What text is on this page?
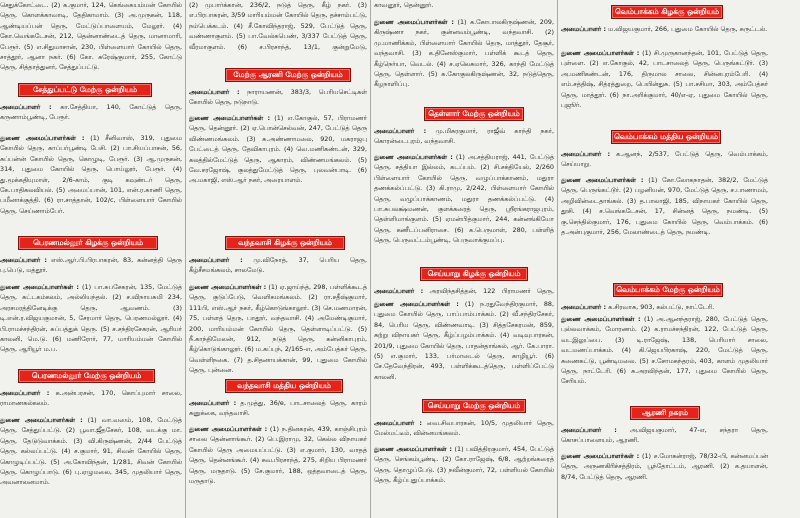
செதுக்கோட்டை. (2) க.குமார், 124, கெங்கையம்மன் கோயில் தெரு, கொளக்காவாடி, தேதிகாமாம். (3) அ.முருகன், 118, ஆண்டியப்பன் தெரு, மேட்டுப்பாளையம், மேலூர். (4) கோ.வெங்கடேசன், 212, தென்னாண்டைத் தெரு, மானாமாரி, பேரூர். (5) எ.சிதுமாசான், 230, பிள்ளையார் கோயில் தெரு, சாத்தூர், ஆனா நகர். (6) கோ. சுரேஷ்குமார், 255, கோட்டு தெரு, சித்தாத்துனர், சேத்துப்பட்டு.
சேத்துப்பட்டு மேற்கு ஒன்றியம்
அமைப்பாளர் : கா.சேத்தியா, 140, கோட்டுத் தெரு, கருணாம்பூண்டி, பேரூர்.
துணை அமைப்பாளர்கள் : (1) சீனிவாஸ், 319, புதுமை கோயில் தெரு, காப்பர்பூண்டி பேசி. (2) பா.சியப்பாசன், 56, சுப்பன்ன் கோயில் தெரு, கொழுடி, பேரூர். (3) ஆ.முருகன், 314, புதுமை கோயில் தெரு, பொய்லூர், பேரூர். (4) து.மூக்கதியுமாள், 2/6-காம், குடி கவுண்டர் தெரு, கே.பாதிகலவியல். (5) அமைப்பான், 101, என்.ர.காணி தெரு, பமீனாக்குத்தி. (6) ரா.சாத்தான், 102/c, பிள்ளையார் கோயில் தெரு, செய்ணாம்பேர்.
பெரணமல்லூர் கிழக்கு ஒன்றியம்
அமைப்பாளர் : எஸ்.ஆர்.பி.பிரபாகரன், 83, கன்னத்தி தெரு பு.பெடு, மத்தூர்.
துணை அமைப்பாளர்கள் : (1) பா.சுபசேகரன், 135, மேட்டுத் தெரு, கட்டகம்கலம், அல்லியந்தல். (2) ச.விநாயசுமி 234, அரசமரத்தினேடிக்கு தெரு, ஆவணம். (3) டி.என்.ர.விஜயகுமான், 5, சேரமார் தெரு, பெரணமல்லூர். (4) பி.ராமச்சந்திரன், சுப்பத்துக் தெரு. (5) ச.சந்திரசேகரன், ஆரியர் காலனி, மெ.டு. (6) மணிரோர், 77, மாரியம்மன் கோயில் தெரு, ஆரியூர் ம.ப.
பெரணமல்லூர் மேற்கு ஒன்றியம்
அமைப்பாளர் : க.அன்பரசன், 170, கொப்புமார் சாலை, ராமாணகல்கலம்.
துணை அமைப்பாளர்கள் : (1) வா.வஸம், 108, மேட்டுத் தெரு, சேத்துப்பட்டு. (2) பூவா.ஜீதசேகர், 108, வடக்கு மா. தெரு, தேடுடுவாக்கம். (3) வி.கிருஷ்ணன், 2/44 பேட்டுத் தெரு, கல்லப்பட்டு. (4) ச.குமார், 91, சிவன் கோயில் தெரு, கொழுடிப்பட்டு. (5) அ.கோவிந்தன், 1/281, சிவன் கோயில் தெரு, கொழுப்பாடு. (6) பு.ஏழுமலை, 345, முதலியார் தெரு, அவனாலனமாம்.
(2) முபார்க்கான், 236/2, நடுத் தெரு, கீழ் நகர். (3) எ.பிரபாகரன், 3/59 மாரியம்மன் கோயில் தெரு, தச்சாம்பட்டு, நம்பெக்கடம். (4) சீ.கோவிந்தராஜ், 529, பேட்டுத் தெரு, வண்ணாகுளம். (5) பா.வேல்கபெண், 3/337 பேட்டுத் தெரு, வீரமாகுளம். (6) ச.பிரசாந்த், 13/1, குன்றுமேடு,
மேற்கு ஆரணி மேற்கு ஒன்றியம்
அமைப்பாளர் : நாராயணன், 383/3, பெரியசெட்டிகள் கோயில் தெரு, நடுநாடு.
துணை அமைப்பாளர்கள் : (1) எ.கோகுல், 57, பிராமணர் தெரு, தென்னூர். (2) ஏ.பொன்செல்வன், 247, பேட்டுத் தெரு விண்ணமங்கலம். (3) சு.அண்ணாமலை, 920, மகராஜபு பேட்டைத் தெரு, தேவிகாபுரம். (4) வெ.மணிகண்டன், 329, கலத்தில்மேட்டுத் தெரு, ஆகாரம், விண்ணமங்கலம். (5) வே.சரஜோஷ், குலத்துமேட்டுத் தெரு, புலவன்பாடி. (6) அ.மகாஜி, எஸ்.ஆர் நகர், அரையாளம்.
வந்தவாசி கிழக்கு ஒன்றியம்
அமைப்பாளர் : மு.விநோத், 37, பெரிய தெரு, கீழ்சீசமங்கலம், சாலமேடு.
துணை அமைப்பாளர்கள் : (1) ஏ.ஜாய்ந்த், 298, பள்ளிக்கூடத் தெரு, குடுப்பேடு, வெளிகமங்கலம். (2) ரா.சதீஷ்குமார், 111பி, எஸ்.ஆர் நகர், கீழ்கொடுங்காலூர். (3) செ.மணமாரன், 75, பள்ளத் தெரு, பாதூர், வந்தவாசி. (4) அமேண்டிகுமார், 200, மாரியம்மன் கோயில் தெரு, தெள்ளாடிப்பட்டு. (5) நீ.காந்திமேலன், 912, நடுத் தெரு, கன்னிகாபுரம், கீழ்கொடுங்காலூர். (6) ம.கப்புந், 2/165-எ, அம்பேத்கர் தெரு, வெள்ளிநகை. (7) த.சிதனாயக்கான், 99, புதுமை கோயில் தெரு, புன்னை.
வந்தவாசி மத்திய ஒன்றியம்
அமைப்பாளர் : த.முத்து, 36/e, பாடசாலைத் தெரு, காரம் சுனுக்கை, வந்தவாசி.
துணை அமைப்பாளர்கள் : (1) ந.தினகரன், 439, காஞ்சிபுரம் சாலை தென்னாங்கூர். (2) பெ.இராமு, 32, கெல்ல விநாயகர் கோயில் தெரு அமையப்பட்டு. (3) எ.குமார், 130, வாதத் தெரு, தென்னங்கூர். (4) சுவ.பிரசாந்த், 275, சிறிய பிராமணர் தெரு, மருதாடு. (5) சே.குமார், 188, ஒத்தவாடைத் தெரு, மருதாடு.
காவனூர், தென்னூர்.
துணை அமைப்பாளர்கள் : (1) க.கோபாலகிருஷ்ணன், 209, கிருஷ்ணா நகர், குன்னவம்பூண்டி, வந்தவாசி. (2) மு.மாணிக்கம், பிள்ளையார் கோயில் தெரு, மாத்தூர், தேசூர், வந்தவாசி. (3) க.தினேஸ்குமார், பள்ளிக் கூடத் தெரு, கீழ்நெர்யா, வெடல். (4) ச.ஏலெசுமார், 326, காந்தி மேட்டுத் தெரு, தெள்ளார். (5) சு.கோகுலகிருஷ்ணன், 32, நடுத்தெரு, கீழநாளிப்பு.
தெள்ளார் மேற்கு ஒன்றியம்
அமைப்பாளர் : மு.மிசுரகுமார், ராஜீவ் காந்தி நகர், கொரன்டைபுரம், வந்தவாசி.
துணை அமைப்பாளர்கள் : (1) அ.சத்தியராஜ், 441, பேட்டுத் தெரு, சத்தியா இல்லம், கடப்பம். (2) சி.சக்தியேல், 2/260 பிள்ளையார் கோயில் தெரு, வழுப்பாக்காணம், மதுரா தணக்கல்ப்பட்டு. (3) கி.ராமு, 2/242, பிள்ளையார் கோயில் தெரு, வழுப்பாக்காணம், மதுரா தணக்கல்ப்பட்டு. (4) பா.சுபலக்ஷ்மணன், குளக்கரைத் தெரு, ஸ்ரீரங்கராஜபுரம், தெள்ளிமாங்குளம். (5) ஏமன்பித்குமார், 244, கன்னங்கியோ தெரு, கணீடப்பனிராசை. (6) க.பெருமாள், 280, பள்ளித் தெரு, பெருவட்டம்பூண்டி, பெருவாக்குமப்பு.
செய்யாறு கிழக்கு ஒன்றியம்
அமைப்பாளர் : அரவிந்தசித்தன், 122 பிராமணர் தெரு,
துணை அமைப்பாளர்கள் : (1) ந.ரதுவேந்திரகுமார், 88, புதுமை கோயில் தெரு, பாப்பாம்பாக்கம். (2) வீ.சந்திரசேகர், 84, பெரிய தெரு, விண்ணவாடி. (3) சித்தசேகரமன், 859, சுற்று விநாயகர் தெரு, கீழ்ப்பழம்பாக்கம். (4) வடிவுபாரகன், 201/9, புதுமை கோயில் தெரு, பாதன்தாங்கல், ஆர். கே.பாரா. (5) எ.குமார், 133, பர்மாடைல் தெரு, காழியூர். (6) சே.தேவேந்திரன், 493, பள்ளிக்கூடத்தெரு, பள்ளிப்பேட்டு காலனி.
செய்யாறு மேற்கு ஒன்றியம்
அமைப்பாளர் : வை.சிவபாரகன், 10/5, முதலியார் தெரு, மேல்மட்டீம், வின்னமங்கலம்.
துணை அமைப்பாளர்கள் : (1) பவித்திரகுமார், 454, பேட்டுத் தெரு, செங்கம்பூண்டி. (2) கோ.ராஜேஷ், 6/8, ஆற்றங்கரைத் தெரு, தொழுப்பேடு. (3) நவீன்குமார், 72, பள்ளியல் கோயில் தெரு, கீழ்ப்புதுப்பாக்கம்.
வெம்பாக்கம் கிழக்கு ஒன்றியம்
அமைப்பாளர் : ம.விஜயகுமார், 266, புதுமை கோயில் தெரு, சுருட்டல்.
துணை அமைப்பாளர்கள் : (1) சி.முருகானந்தன், 101, பேட்டுத் தெரு, புள்ளை. (2) எ.கோகுல், 42, பாடசாலைத் தெரு, பெருங்கட்டூர். (3) அ.மணிகண்டன், 176, திருமால சாலை, சின்னபுரம்பேரி. (4) எம்.சத்திஷ், சித்ரத்துறை, பெயின்துசு. (5) பா.சசிமா, 303, அம்பேத்கர் தெரு, மாத்தூர். (6) நா.அரிக்குமார், 40/எ-ஏ, புதுமை கோயில் தெரு, புஜூர்.
வெம்பாக்கம் மத்திய ஒன்றியம்
அமைப்பாளர் : க.ஆனந், 2/537, பேட்டுத் தெரு, வெம்பாக்கம், செய்யாறு.
துணை அமைப்பாளர்கள் : (1) கோ.லோகநாதன், 382/2, மேட்டுத் தெரு, பெருங்கட்டூர். (2) பழனியன், 970, மேட்டுத் தெரு, ச.பாணாமம், அழிவின்டைதாங்கல். (3) த.பாலாஜி, 185, விநாயகர் கோயில் தெரு, தூசி. (4) ச.வெங்கடேசன், 17, சின்னத் தெரு, நமண்டி. (5) கு.செந்தில்குமார், 176, புதுமை கோயில் தெரு, வெம்பாக்கம். (6) த.அன்புகுமார், 256, மேலாண்டைத் தெரு, நமண்டி.
வெம்பாக்கம் மேற்கு ஒன்றியம்
அமைப்பாளர் : க.சிரவாசு, 903, கல்பட்டு, நாட்டேரி.
துணை அமைப்பாளர்கள் : (1) அ.ஆனந்தராஜ், 280, பேட்டுத் தெரு, புல்லவாக்கம், மோரணம். (2) க.ராமச்சந்திரன், 122, பேட்டுத் தெரு, வடஇலுப்பை. (3) டி.ராஜேஷ், 138, பெரியார் சாலை, வடமணப்பாக்கம். (4) கி.ஜெயபிரகாஷ், 220, மேட்டுத் தெரு, சுணைகட்டு, பூண்டிமலை. (5) ச.சோமசுந்தரம், 403, காளம் முதலியார் தெரு, நாட்டேரி. (6) சு.அரவிந்தன், 177, புதுமை கோயில் தெரு, சேரியம்.
ஆரணி நகரம்
அமைப்பாளர் : அ.விஜயகுமார், 47-எ, சந்தரா தெரு, கொசப்பாளையம், ஆரணி.
துணை அமைப்பாளர்கள் : (1) ச.மோகன்ராஜ், 78/32-பி, கன்னமப்பன் தெரு, அருணகிரிச்சத்திரம், பூந்தோட்டம், ஆரணி. (2) க.தயாளன், 8/74, பேட்டுத் தெரு, ஆரணி.
